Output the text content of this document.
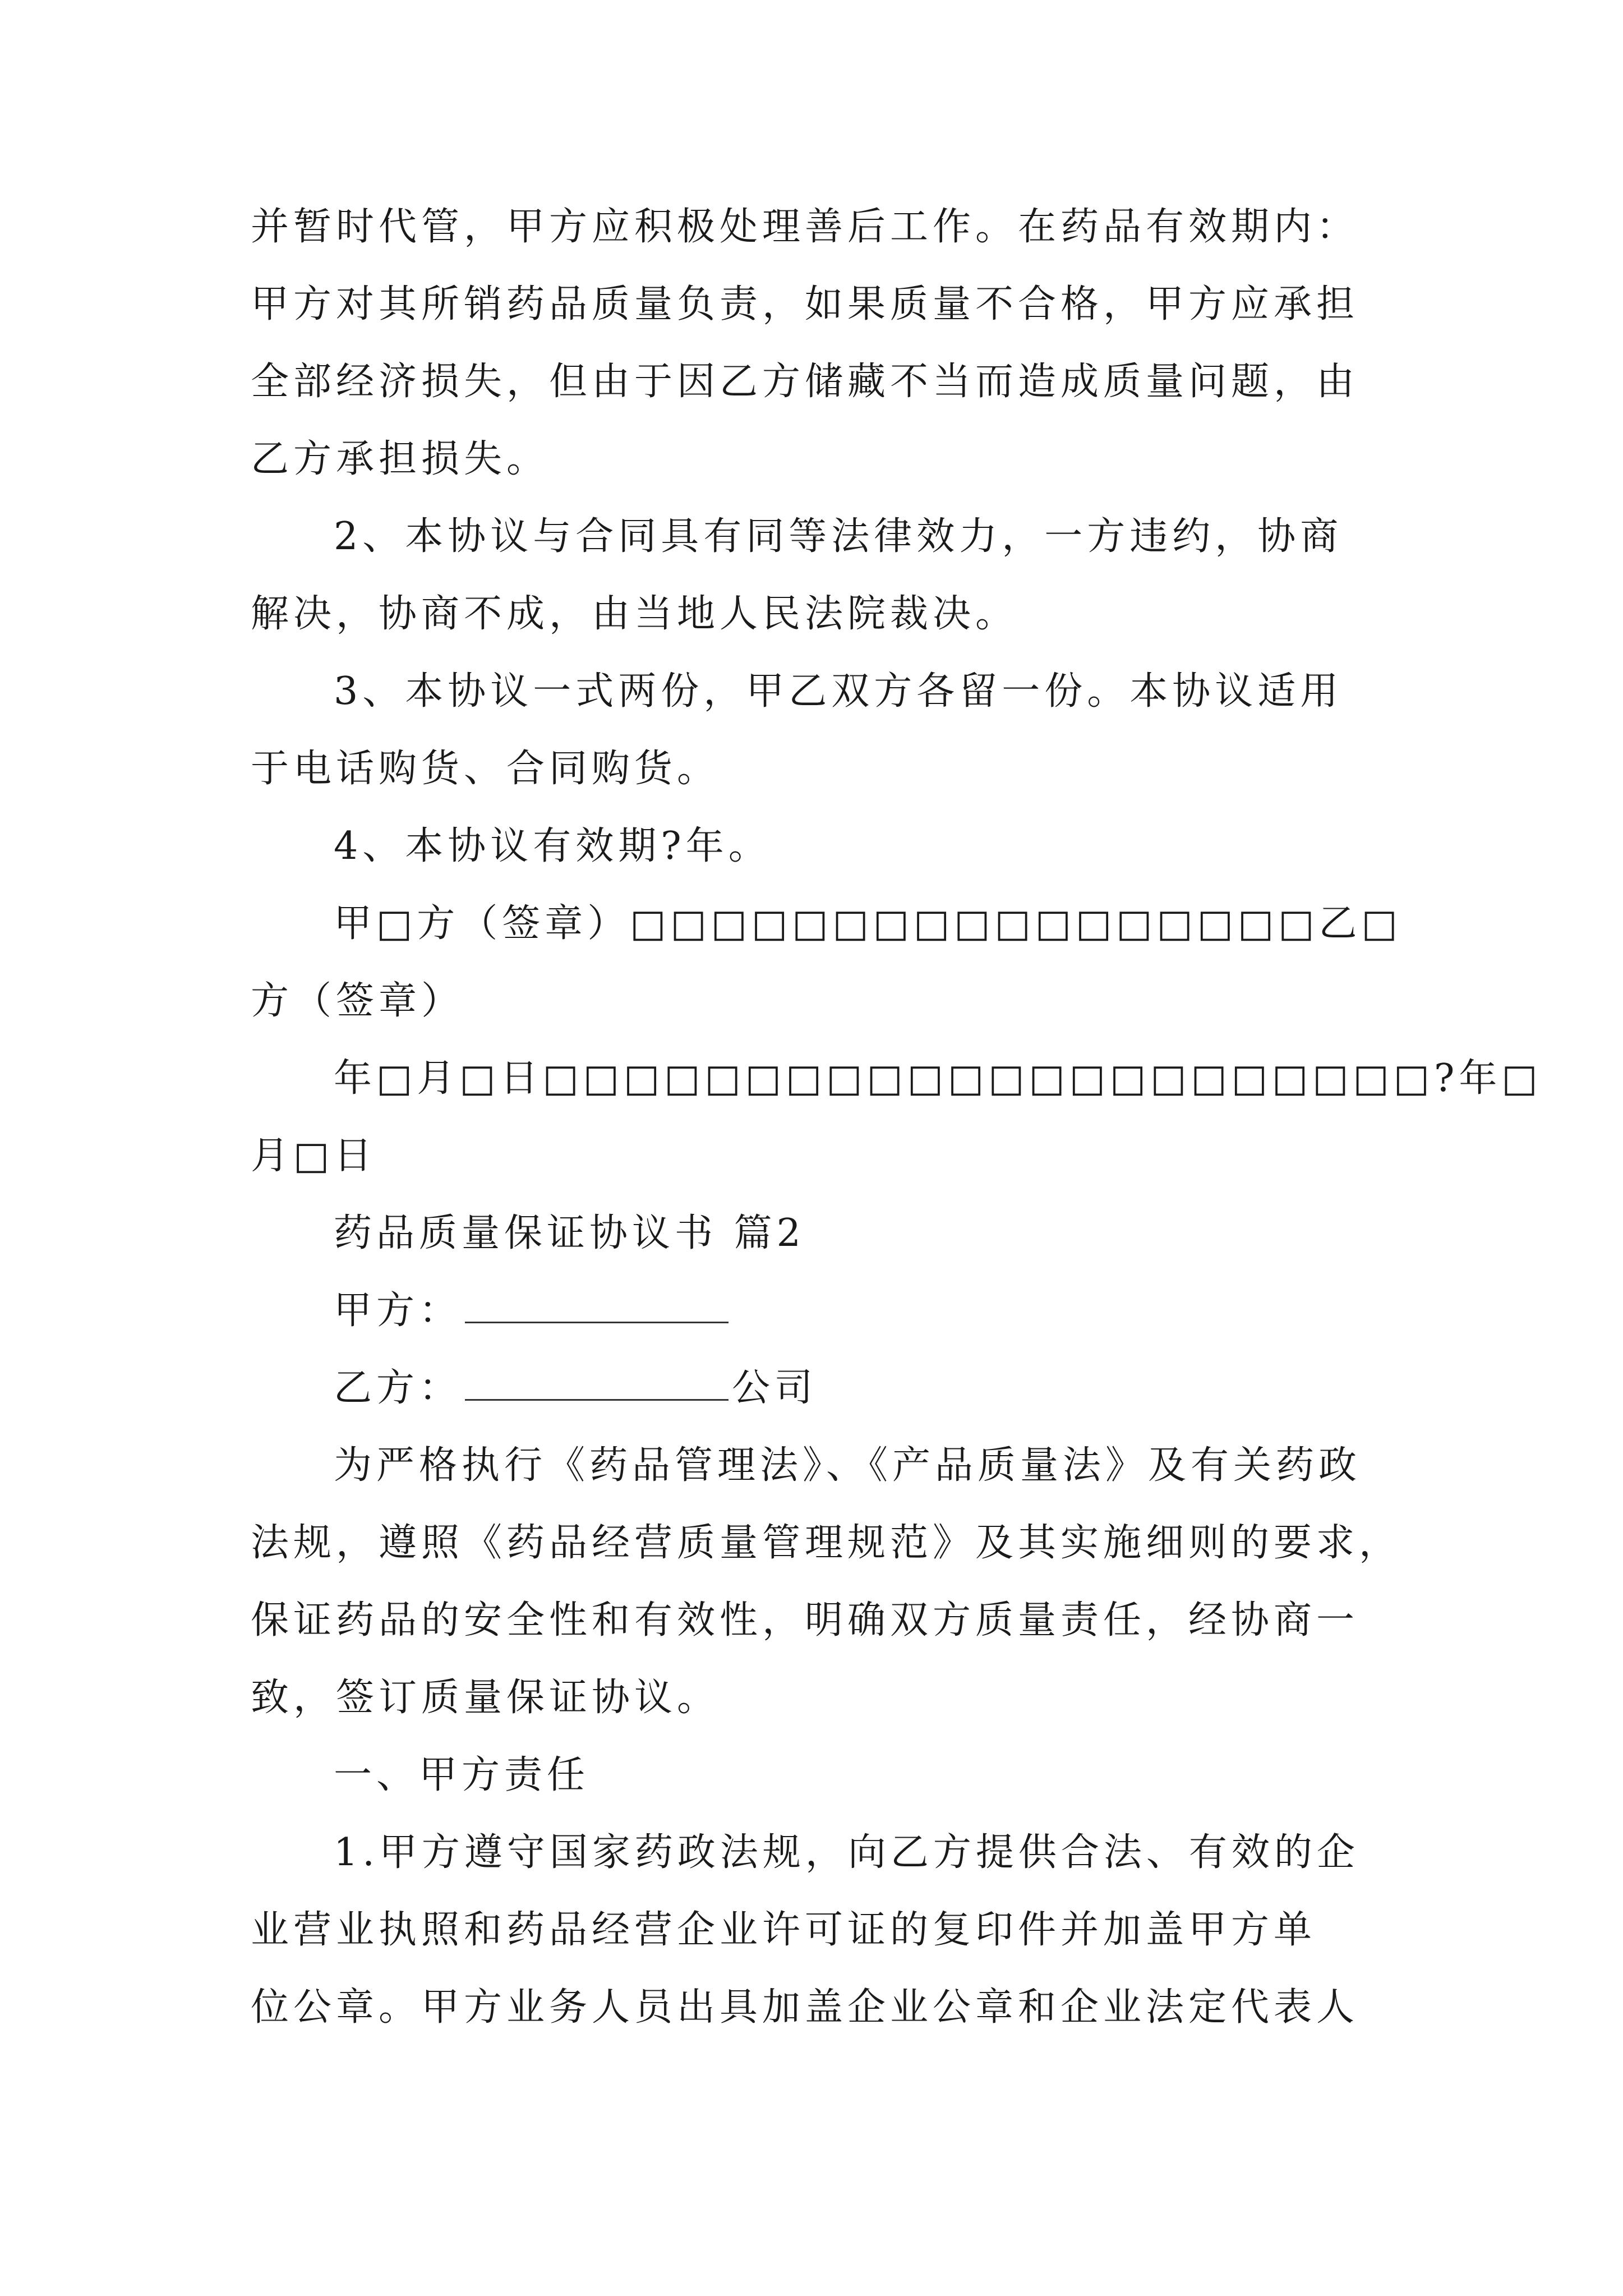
并暂时代管，甲方应积极处理善后工作。在药品有效期内：
甲方对其所销药品质量负责，如果质量不合格，甲方应承担
全部经济损失，但由于因乙方储藏不当而造成质量问题，由
乙方承担损失。
2、本协议与合同具有同等法律效力，一方违约，协商
解决，协商不成，由当地人民法院裁决。
3、本协议一式两份，甲乙双方各留一份。本协议适用
于电话购货、合同购货。
4、本协议有效期?年。
甲□方（签章）□□□□□□□□□□□□□□□□□乙□
方（签章）
年□月□日□□□□□□□□□□□□□□□□□□□□□□?年□
月□日
药品质量保证协议书 篇2
甲方：
乙方：	公司
为严格执行《药品管理法》、《产品质量法》及有关药政
法规，遵照《药品经营质量管理规范》及其实施细则的要求，
保证药品的安全性和有效性，明确双方质量责任，经协商一
致，签订质量保证协议。
一、甲方责任
1.甲方遵守国家药政法规，向乙方提供合法、有效的企
业营业执照和药品经营企业许可证的复印件并加盖甲方单
位公章。甲方业务人员出具加盖企业公章和企业法定代表人
